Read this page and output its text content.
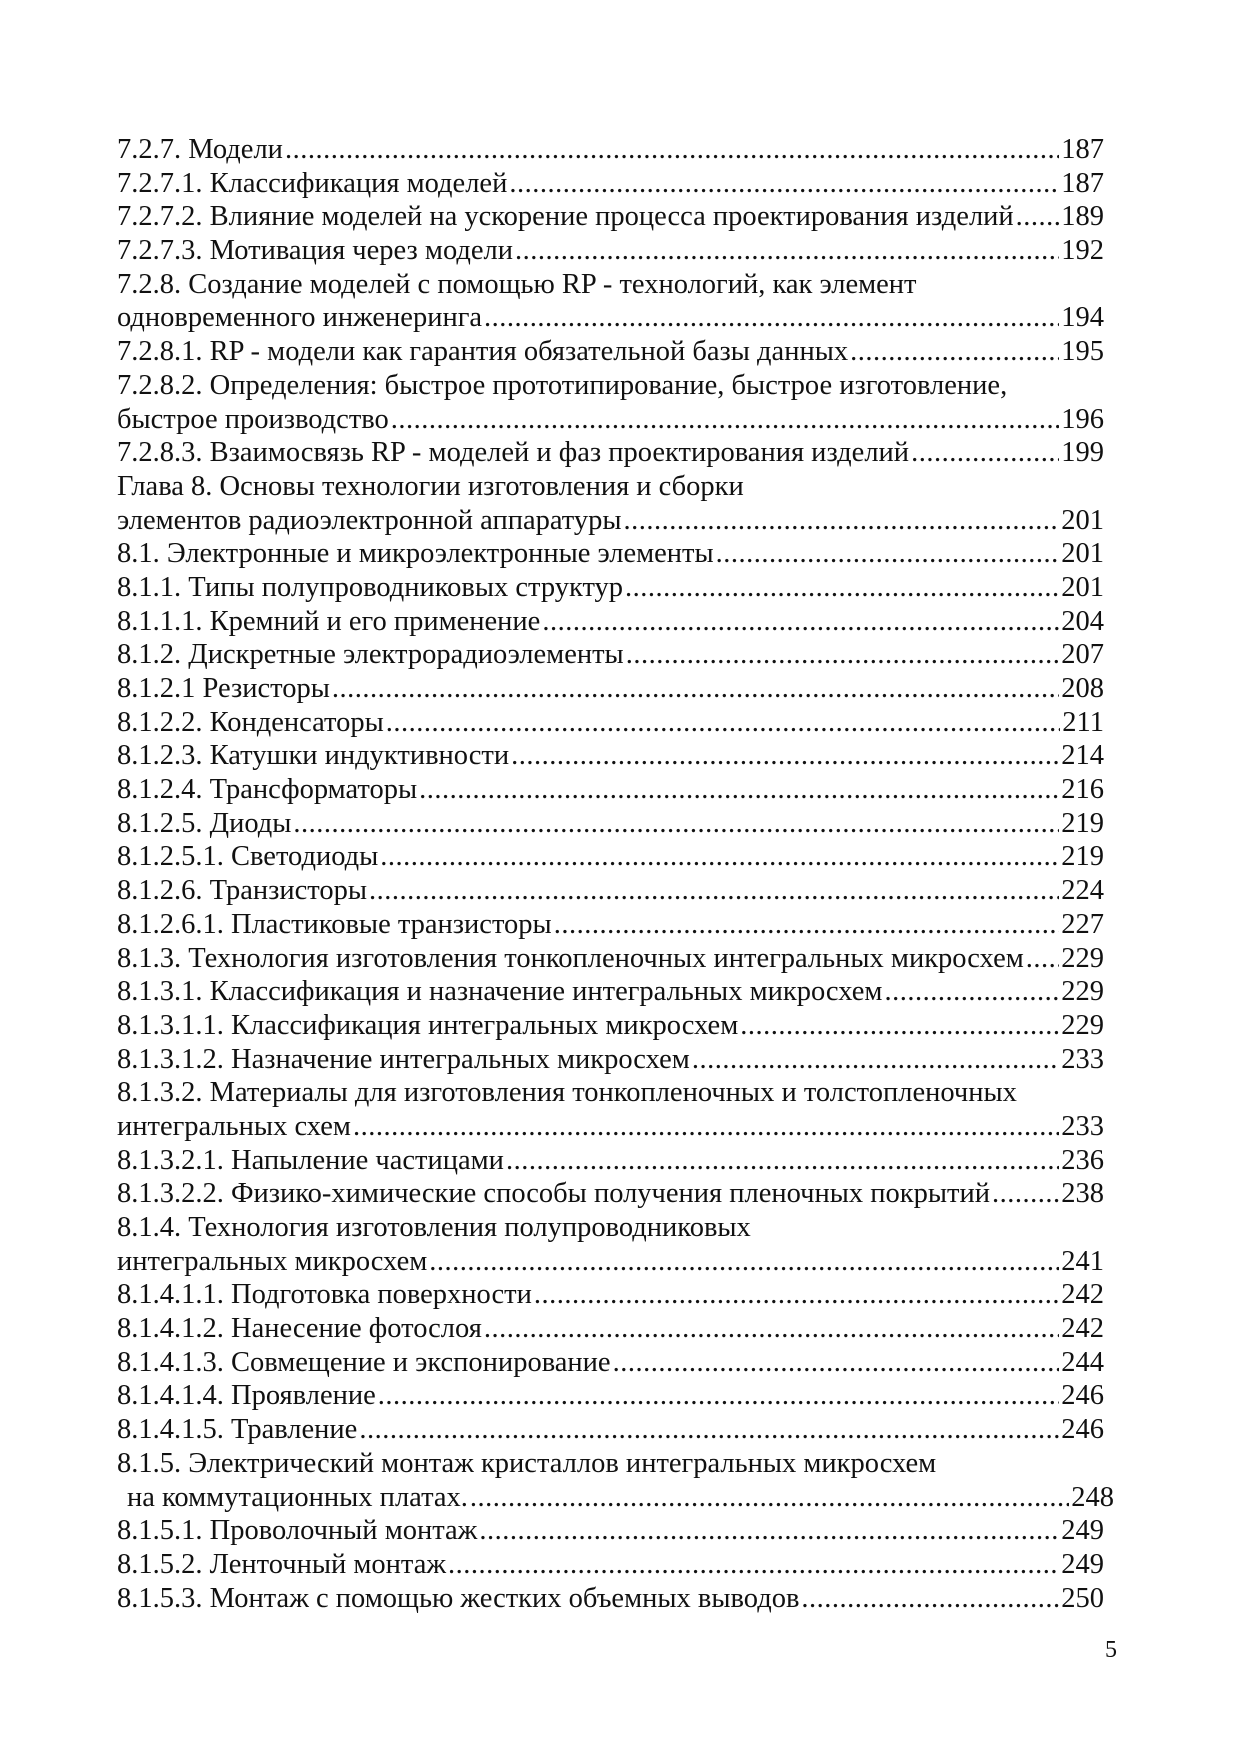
7.2.7. Модели .....	187
7.2.7.1. Классификация моделей .....	187
7.2.7.2. Влияние моделей на ускорение процесса проектирования изделий ..... 189
7.2.7.3. Мотивация через модели .....	192
7.2.8. Создание моделей с помощью RP - технологий, как элемент
одновременного инженеринга .....	194
7.2.8.1. RP - модели как гарантия обязательной базы данных .....	195
7.2.8.2. Определения: быстрое прототипирование, быстрое изготовление,
быстрое производство .....	196
7.2.8.3. Взаимосвязь RP - моделей и фаз проектирования изделий .....	199
Глава 8. Основы технологии изготовления и сборки
элементов радиоэлектронной аппаратуры .....	201
8.1. Электронные и микроэлектронные элементы .....	201
8.1.1. Типы полупроводниковых структур .....	201
8.1.1.1. Кремний и его применение .....	204
8.1.2. Дискретные электрорадиоэлементы .....	207
8.1.2.1 Резисторы .....	208
8.1.2.2. Конденсаторы .....	211
8.1.2.3. Катушки индуктивности .....	214
8.1.2.4. Трансформаторы .....	216
8.1.2.5. Диоды .....	219
8.1.2.5.1. Светодиоды .....	219
8.1.2.6. Транзисторы .....	224
8.1.2.6.1. Пластиковые транзисторы .....	227
8.1.3. Технология изготовления тонкопленочных интегральных микросхем ..... 229
8.1.3.1. Классификация и назначение интегральных микросхем .....	229
8.1.3.1.1. Классификация интегральных микросхем .....	229
8.1.3.1.2. Назначение интегральных микросхем .....	233
8.1.3.2. Материалы для изготовления тонкопленочных и толстопленочных
интегральных схем .....	233
8.1.3.2.1. Напыление частицами .....	236
8.1.3.2.2. Физико-химические способы получения пленочных покрытий .....	238
8.1.4. Технология изготовления полупроводниковых
интегральных микросхем .....	241
8.1.4.1.1. Подготовка поверхности .....	242
8.1.4.1.2. Нанесение фотослоя .....	242
8.1.4.1.3. Совмещение и экспонирование .....	244
8.1.4.1.4. Проявление .....	246
8.1.4.1.5. Травление .....	246
8.1.5. Электрический монтаж кристаллов интегральных микросхем
на коммутационных платах. .....	248
8.1.5.1. Проволочный монтаж .....	249
8.1.5.2. Ленточный монтаж .....	249
8.1.5.3. Монтаж с помощью жестких объемных выводов .....	250
5
